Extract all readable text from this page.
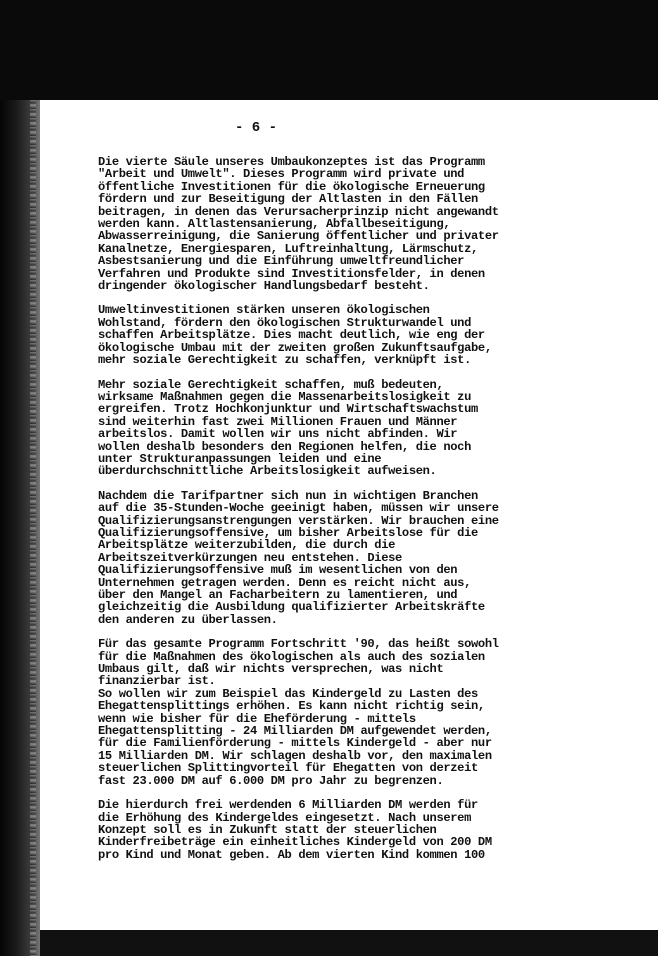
- 6 -

Die vierte Säule unseres Umbaukonzeptes ist das Programm
"Arbeit und Umwelt". Dieses Programm wird private und
öffentliche Investitionen für die ökologische Erneuerung
fördern und zur Beseitigung der Altlasten in den Fällen
beitragen, in denen das Verursacherprinzip nicht angewandt
werden kann. Altlastensanierung, Abfallbeseitigung,
Abwasserreinigung, die Sanierung öffentlicher und privater
Kanalnetze, Energiesparen, Luftreinhaltung, Lärmschutz,
Asbestsanierung und die Einführung umweltfreundlicher
Verfahren und Produkte sind Investitionsfelder, in denen
dringender ökologischer Handlungsbedarf besteht.

Umweltinvestitionen stärken unseren ökologischen
Wohlstand, fördern den ökologischen Strukturwandel und
schaffen Arbeitsplätze. Dies macht deutlich, wie eng der
ökologische Umbau mit der zweiten großen Zukunftsaufgabe,
mehr soziale Gerechtigkeit zu schaffen, verknüpft ist.

Mehr soziale Gerechtigkeit schaffen, muß bedeuten,
wirksame Maßnahmen gegen die Massenarbeitslosigkeit zu
ergreifen. Trotz Hochkonjunktur und Wirtschaftswachstum
sind weiterhin fast zwei Millionen Frauen und Männer
arbeitslos. Damit wollen wir uns nicht abfinden. Wir
wollen deshalb besonders den Regionen helfen, die noch
unter Strukturanpassungen leiden und eine
überdurchschnittliche Arbeitslosigkeit aufweisen.

Nachdem die Tarifpartner sich nun in wichtigen Branchen
auf die 35-Stunden-Woche geeinigt haben, müssen wir unsere
Qualifizierungsanstrengungen verstärken. Wir brauchen eine
Qualifizierungsoffensive, um bisher Arbeitslose für die
Arbeitsplätze weiterzubilden, die durch die
Arbeitszeitverkürzungen neu entstehen. Diese
Qualifizierungsoffensive muß im wesentlichen von den
Unternehmen getragen werden. Denn es reicht nicht aus,
über den Mangel an Facharbeitern zu lamentieren, und
gleichzeitig die Ausbildung qualifizierter Arbeitskräfte
den anderen zu überlassen.

Für das gesamte Programm Fortschritt '90, das heißt sowohl
für die Maßnahmen des ökologischen als auch des sozialen
Umbaus gilt, daß wir nichts versprechen, was nicht
finanzierbar ist.

So wollen wir zum Beispiel das Kindergeld zu Lasten des
Ehegattensplittings erhöhen. Es kann nicht richtig sein,
wenn wie bisher für die Eheförderung - mittels
Ehegattensplitting - 24 Milliarden DM aufgewendet werden,
für die Familienförderung - mittels Kindergeld - aber nur
15 Milliarden DM. Wir schlagen deshalb vor, den maximalen
steuerlichen Splittingvorteil für Ehegatten von derzeit
fast 23.000 DM auf 6.000 DM pro Jahr zu begrenzen.

Die hierdurch frei werdenden 6 Milliarden DM werden für
die Erhöhung des Kindergeldes eingesetzt. Nach unserem
Konzept soll es in Zukunft statt der steuerlichen
Kinderfreibeträge ein einheitliches Kindergeld von 200 DM
pro Kind und Monat geben. Ab dem vierten Kind kommen 100
